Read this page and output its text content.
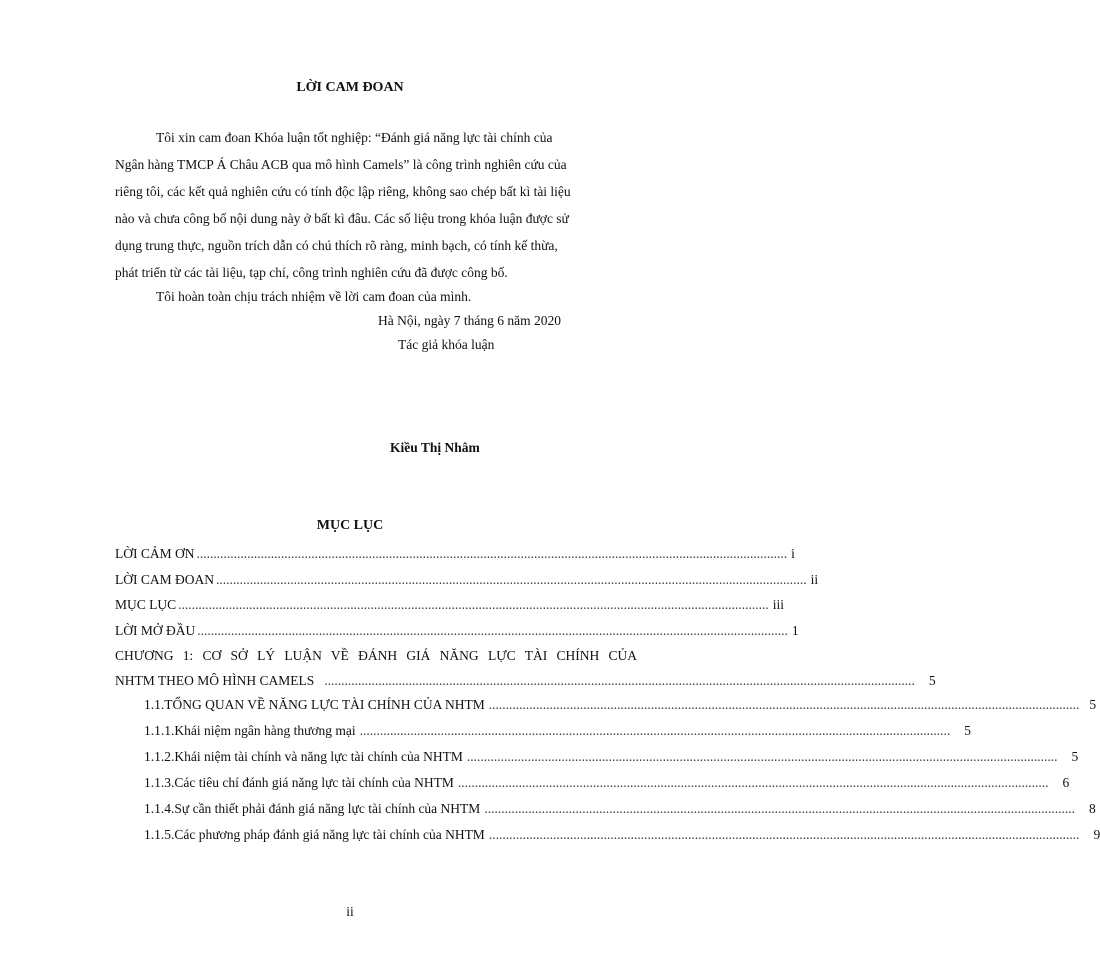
LỜI CAM ĐOAN
Tôi xin cam đoan Khóa luận tốt nghiệp: “Đánh giá năng lực tài chính của
Ngân hàng TMCP Á Châu ACB qua mô hình Camels” là công trình nghiên cứu của
riêng tôi, các kết quả nghiên cứu có tính độc lập riêng, không sao chép bất kì tài liệu
nào và chưa công bố nội dung này ở bất kì đâu. Các số liệu trong khóa luận được sử
dụng trung thực, nguồn trích dẫn có chú thích rõ ràng, minh bạch, có tính kế thừa,
phát triển từ các tài liệu, tạp chí, công trình nghiên cứu đã được công bố.
Tôi hoàn toàn chịu trách nhiệm về lời cam đoan của mình.
Hà Nội, ngày 7 tháng 6 năm 2020
Tác giả khóa luận
Kiều Thị Nhâm
MỤC LỤC
LỜI CẢM ƠN ............................................................................................................................................................................... i
LỜI CAM ĐOAN ............................................................................................................................................................................... ii
MỤC LỤC ............................................................................................................................................................................... iii
LỜI MỞ ĐẦU ............................................................................................................................................................................... 1
CHƯƠNG 1: CƠ SỞ LÝ LUẬN VỀ ĐÁNH GIÁ NĂNG LỰC TÀI CHÍNH CỦA
NHTM THEO MÔ HÌNH CAMELS ............................................................................................................................................................................... 5
1.1. TỔNG QUAN VỀ NĂNG LỰC TÀI CHÍNH CỦA NHTM ............................................................................................................................................................................... 5
1.1.1. Khái niệm ngân hàng thương mại ............................................................................................................................................................................... 5
1.1.2. Khái niệm tài chính và năng lực tài chính của NHTM ............................................................................................................................................................................... 5
1.1.3. Các tiêu chí đánh giá năng lực tài chính của NHTM ............................................................................................................................................................................... 6
1.1.4. Sự cần thiết phải đánh giá năng lực tài chính của NHTM ............................................................................................................................................................................... 8
1.1.5. Các phương pháp đánh giá năng lực tài chính của NHTM ............................................................................................................................................................................... 9
ii
